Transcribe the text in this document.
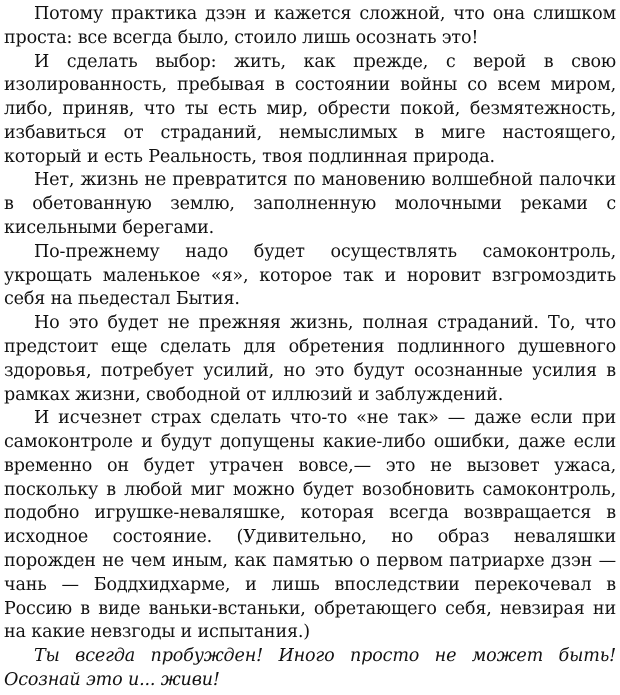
Потому практика дзэн и кажется сложной, что она слишком проста: все всегда было, стоило лишь осознать это!

И сделать выбор: жить, как прежде, с верой в свою изолированность, пребывая в состоянии войны со всем миром, либо, приняв, что ты есть мир, обрести покой, безмятежность, избавиться от страданий, немыслимых в миге настоящего, который и есть Реальность, твоя подлинная природа.

Нет, жизнь не превратится по мановению волшебной палочки в обетованную землю, заполненную молочными реками с кисельными берегами.

По-прежнему надо будет осуществлять самоконтроль, укрощать маленькое «я», которое так и норовит взгромоздить себя на пьедестал Бытия.

Но это будет не прежняя жизнь, полная страданий. То, что предстоит еще сделать для обретения подлинного душевного здоровья, потребует усилий, но это будут осознанные усилия в рамках жизни, свободной от иллюзий и заблуждений.

И исчезнет страх сделать что-то «не так» — даже если при самоконтроле и будут допущены какие-либо ошибки, даже если временно он будет утрачен вовсе,— это не вызовет ужаса, поскольку в любой миг можно будет возобновить самоконтроль, подобно игрушке-неваляшке, которая всегда возвращается в исходное состояние. (Удивительно, но образ неваляшки порожден не чем иным, как памятью о первом патриархе дзэн — чань — Боддхидхарме, и лишь впоследствии перекочевал в Россию в виде ваньки-встаньки, обретающего себя, невзирая ни на какие невзгоды и испытания.)

Ты всегда пробужден! Иного просто не может быть! Осознай это и... живи!
